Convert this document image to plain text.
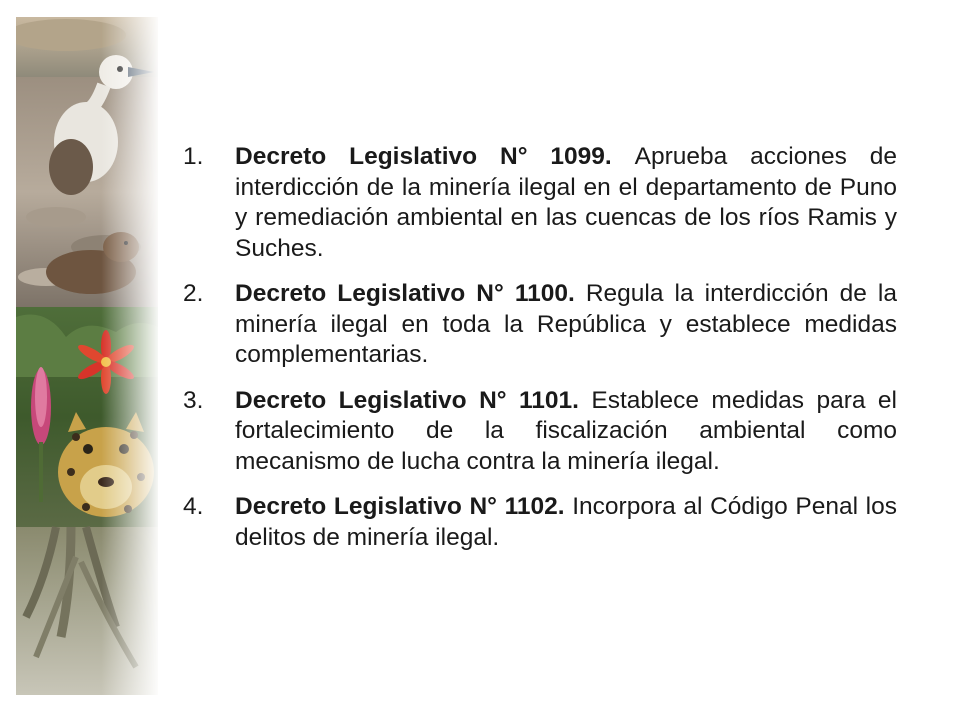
1. Decreto Legislativo N° 1099. Aprueba acciones de interdicción de la minería ilegal en el departamento de Puno y remediación ambiental en las cuencas de los ríos Ramis y Suches.
2. Decreto Legislativo N° 1100. Regula la interdicción de la minería ilegal en toda la República y establece medidas complementarias.
3. Decreto Legislativo N° 1101. Establece medidas para el fortalecimiento de la fiscalización ambiental como mecanismo de lucha contra la minería ilegal.
4. Decreto Legislativo N° 1102. Incorpora al Código Penal los delitos de minería ilegal.
